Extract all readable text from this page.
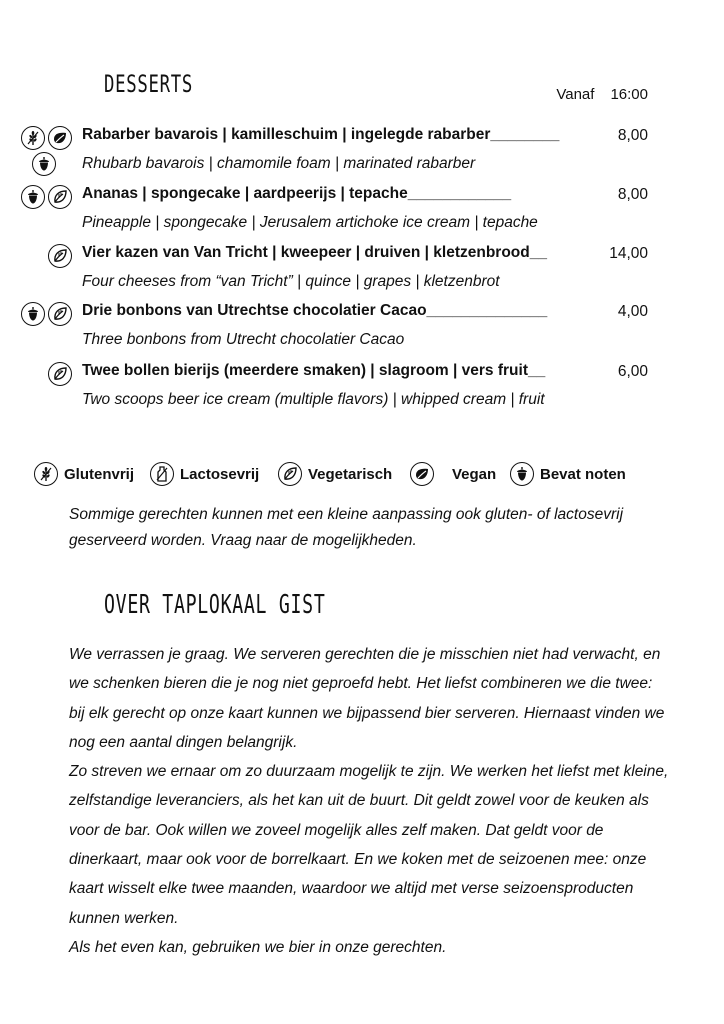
DESSERTS	Vanaf 16:00
Rabarber bavarois | kamilleschuim | ingelegde rabarber________	8,00
Rhubarb bavarois | chamomile foam | marinated rabarber
Ananas | spongecake | aardpeerijs | tepache____________	8,00
Pineapple | spongecake | Jerusalem artichoke ice cream | tepache
Vier kazen van Van Tricht | kweepeer | druiven | kletzenbrood__	14,00
Four cheeses from “van Tricht” | quince | grapes | kletzenbrot
Drie bonbons van Utrechtse chocolatier Cacao______________	4,00
Three bonbons from Utrecht chocolatier Cacao
Twee bollen bierijs (meerdere smaken) | slagroom | vers fruit__	6,00
Two scoops beer ice cream (multiple flavors) | whipped cream | fruit
Glutenvrij	Lactosevrij	Vegetarisch	Vegan	Bevat noten

Sommige gerechten kunnen met een kleine aanpassing ook gluten- of lactosevrij geserveerd worden. Vraag naar de mogelijkheden.

OVER TAPLOKAAL GIST

We verrassen je graag. We serveren gerechten die je misschien niet had verwacht, en we schenken bieren die je nog niet geproefd hebt. Het liefst combineren we die twee: bij elk gerecht op onze kaart kunnen we bijpassend bier serveren. Hiernaast vinden we nog een aantal dingen belangrijk.

Zo streven we ernaar om zo duurzaam mogelijk te zijn. We werken het liefst met kleine, zelfstandige leveranciers, als het kan uit de buurt. Dit geldt zowel voor de keuken als voor de bar. Ook willen we zoveel mogelijk alles zelf maken. Dat geldt voor de dinerkaart, maar ook voor de borrelkaart. En we koken met de seizoenen mee: onze kaart wisselt elke twee maanden, waardoor we altijd met verse seizoensproducten kunnen werken.

Als het even kan, gebruiken we bier in onze gerechten.
